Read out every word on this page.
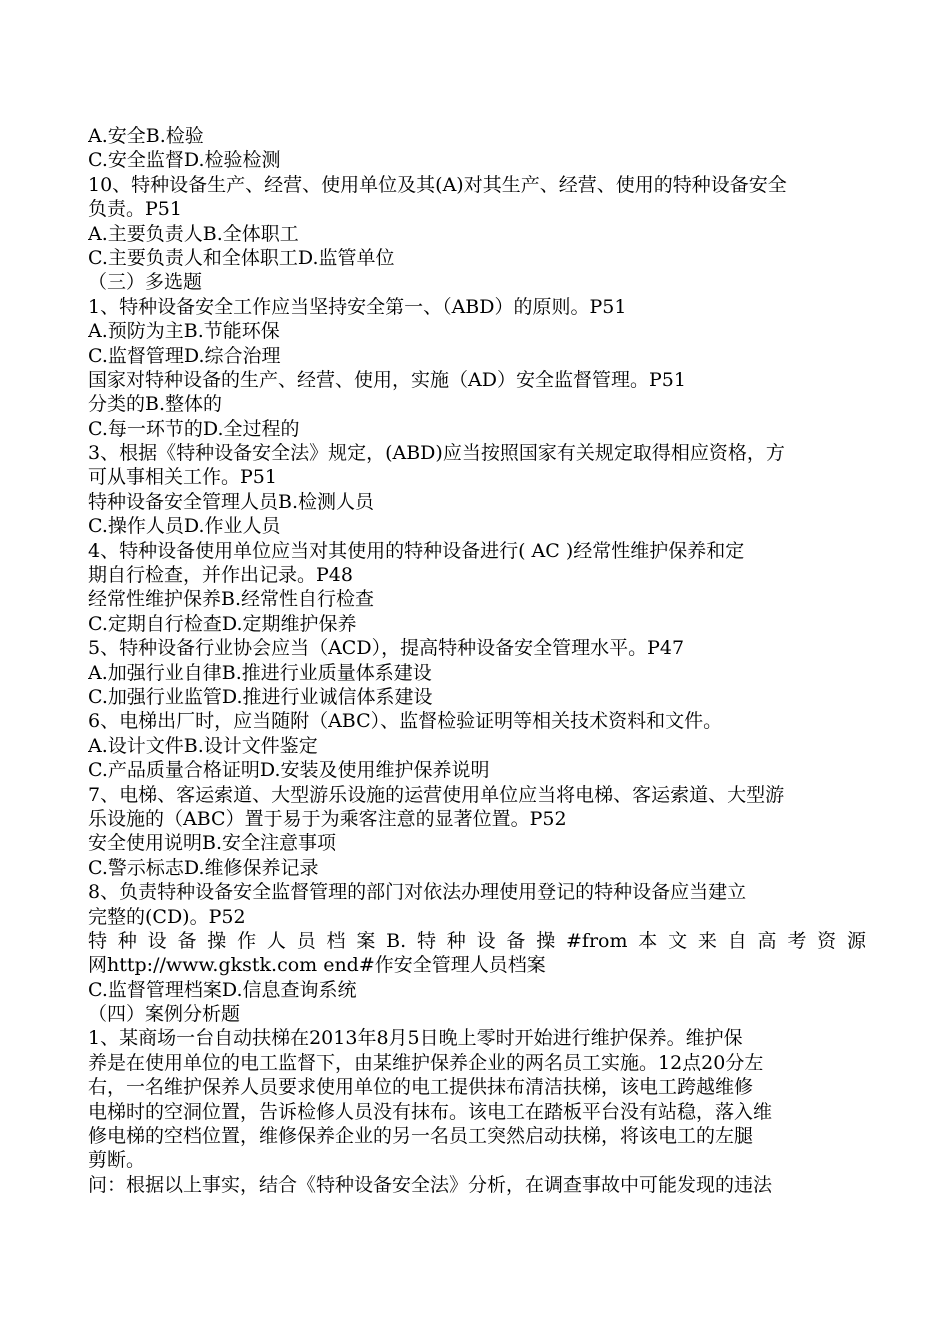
A.安全B.检验
C.安全监督D.检验检测
10、特种设备生产、经营、使用单位及其(A)对其生产、经营、使用的特种设备安全
负责。P51
A.主要负责人B.全体职工
C.主要负责人和全体职工D.监管单位
（三）多选题
1、特种设备安全工作应当坚持安全第一、（ABD）的原则。P51
A.预防为主B.节能环保
C.监督管理D.综合治理
国家对特种设备的生产、经营、使用，实施（AD）安全监督管理。P51
分类的B.整体的
C.每一环节的D.全过程的
3、根据《特种设备安全法》规定，(ABD)应当按照国家有关规定取得相应资格，方
可从事相关工作。P51
特种设备安全管理人员B.检测人员
C.操作人员D.作业人员
4、特种设备使用单位应当对其使用的特种设备进行( AC )经常性维护保养和定
期自行检查，并作出记录。P48
经常性维护保养B.经常性自行检查
C.定期自行检查D.定期维护保养
5、特种设备行业协会应当（ACD），提高特种设备安全管理水平。P47
A.加强行业自律B.推进行业质量体系建设
C.加强行业监管D.推进行业诚信体系建设
6、电梯出厂时，应当随附（ABC）、监督检验证明等相关技术资料和文件。
A.设计文件B.设计文件鉴定
C.产品质量合格证明D.安装及使用维护保养说明
7、电梯、客运索道、大型游乐设施的运营使用单位应当将电梯、客运索道、大型游
乐设施的（ABC）置于易于为乘客注意的显著位置。P52
安全使用说明B.安全注意事项
C.警示标志D.维修保养记录
8、负责特种设备安全监督管理的部门对依法办理使用登记的特种设备应当建立
完整的(CD)。P52
特 种 设 备 操 作 人 员 档 案 B. 特 种 设 备 操 #from 本 文 来 自 高 考 资 源
网http://www.gkstk.com end#作安全管理人员档案
C.监督管理档案D.信息查询系统
（四）案例分析题
1、某商场一台自动扶梯在2013年8月5日晚上零时开始进行维护保养。维护保
养是在使用单位的电工监督下，由某维护保养企业的两名员工实施。12点20分左
右，一名维护保养人员要求使用单位的电工提供抹布清洁扶梯，该电工跨越维修
电梯时的空洞位置，告诉检修人员没有抹布。该电工在踏板平台没有站稳，落入维
修电梯的空档位置，维修保养企业的另一名员工突然启动扶梯，将该电工的左腿
剪断。
问：根据以上事实，结合《特种设备安全法》分析，在调查事故中可能发现的违法
